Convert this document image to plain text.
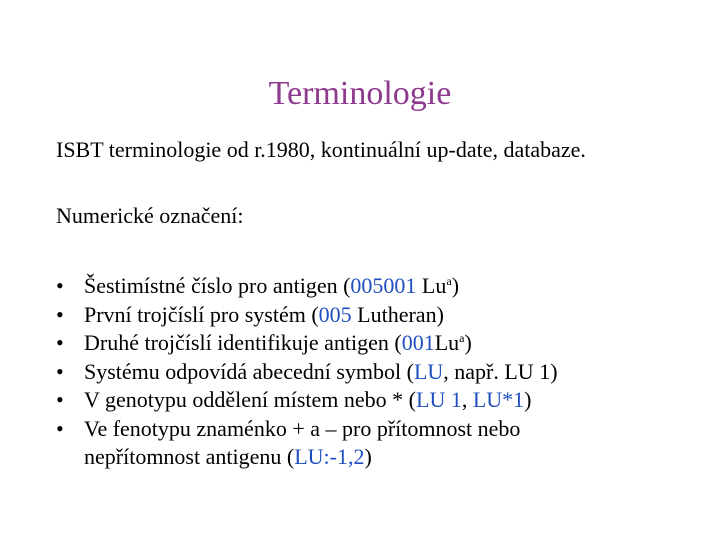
Terminologie
ISBT terminologie od r.1980, kontinuální up-date, databaze.
Numerické označení:
• Šestimístné číslo pro antigen (005001 Lu$^a$)
• První trojčíslí pro systém (005 Lutheran)
• Druhé trojčíslí identifikuje antigen (001Lu$^a$)
• Systému odpovídá abecední symbol (LU, např. LU 1)
• V genotypu oddělení místem nebo * (LU 1, LU*1)
• Ve fenotypu znaménko + a – pro přítomnost nebo
nepřítomnost antigenu (LU:-1,2)
